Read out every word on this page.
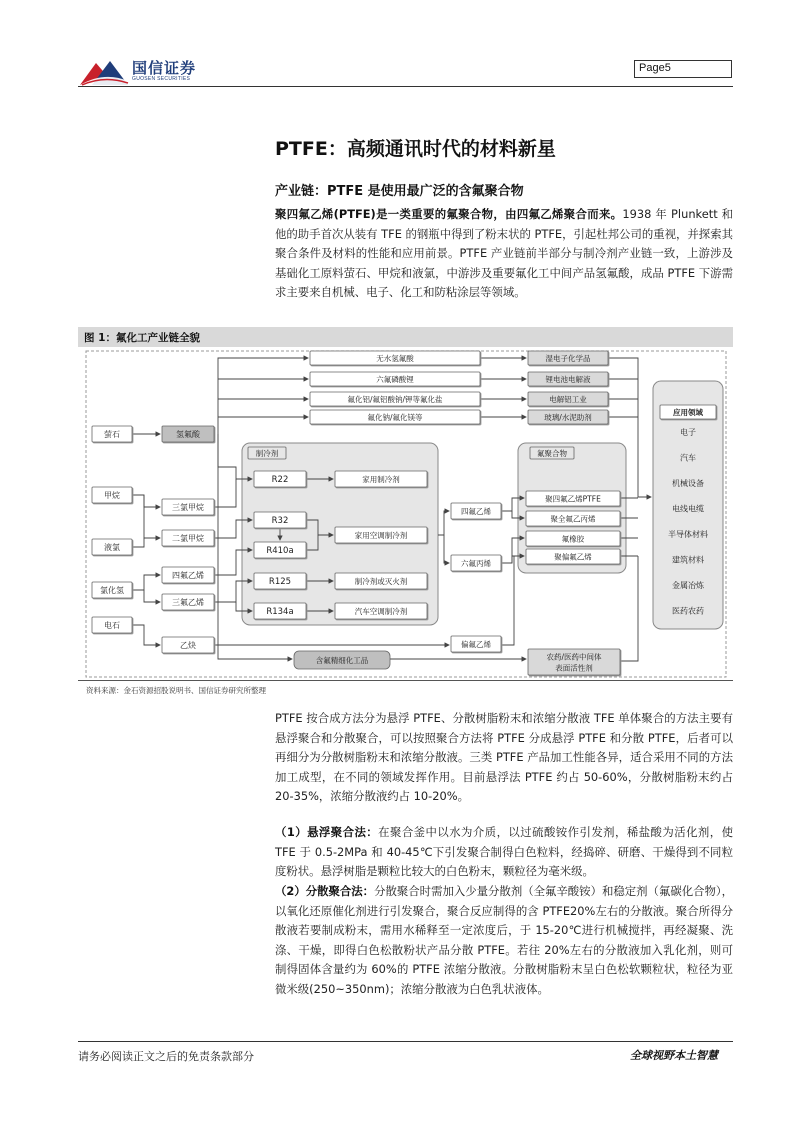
国信证券
GUOSEN SECURITIES
Page5
PTFE：高频通讯时代的材料新星
产业链：PTFE 是使用最广泛的含氟聚合物
聚四氟乙烯(PTFE)是一类重要的氟聚合物，由四氟乙烯聚合而来。1938 年 Plunkett 和他的助手首次从装有 TFE 的钢瓶中得到了粉末状的 PTFE，引起杜邦公司的重视，并探索其聚合条件及材料的性能和应用前景。PTFE 产业链前半部分与制冷剂产业链一致，上游涉及基础化工原料萤石、甲烷和液氯，中游涉及重要氟化工中间产品氢氟酸，成品 PTFE 下游需求主要来自机械、电子、化工和防粘涂层等领域。
图 1：氟化工产业链全貌
萤石
甲烷
液氯
氯化氢
电石
氢氟酸
无水氢氟酸
六氟磷酸锂
氟化铝/氟铝酸钠/钾等氟化盐
氟化钠/氟化镁等
湿电子化学品
锂电池电解液
电解铝工业
玻璃/水泥助剂
三氯甲烷
二氯甲烷
四氟乙烯
三氟乙烯
乙炔
制冷剂
R22
R32
R410a
R125
R134a
家用制冷剂
家用空调制冷剂
制冷剂或灭火剂
汽车空调制冷剂
四氟乙烯
六氟丙烯
偏氟乙烯
氟聚合物
聚四氟乙烯PTFE
聚全氟乙丙烯
氟橡胶
聚偏氟乙烯
含氟精细化工品	农药/医药中间体
表面活性剂
应用领域
电子
汽车
机械设备
电线电缆
半导体材料
建筑材料
金属冶炼
医药农药
资料来源：金石资源招股说明书、国信证券研究所整理
PTFE 按合成方法分为悬浮 PTFE、分散树脂粉末和浓缩分散液 TFE 单体聚合的方法主要有悬浮聚合和分散聚合，可以按照聚合方法将 PTFE 分成悬浮 PTFE 和分散 PTFE，后者可以再细分为分散树脂粉末和浓缩分散液。三类 PTFE 产品加工性能各异，适合采用不同的方法加工成型，在不同的领域发挥作用。目前悬浮法 PTFE 约占 50-60%，分散树脂粉末约占 20-35%，浓缩分散液约占 10-20%。
（1）悬浮聚合法：在聚合釜中以水为介质，以过硫酸铵作引发剂，稀盐酸为活化剂，使 TFE 于 0.5-2MPa 和 40-45℃下引发聚合制得白色粒料，经捣碎、研磨、干燥得到不同粒度粉状。悬浮树脂是颗粒比较大的白色粉末，颗粒径为毫米级。
（2）分散聚合法：分散聚合时需加入少量分散剂（全氟辛酸铵）和稳定剂（氟碳化合物），以氧化还原催化剂进行引发聚合，聚合反应制得的含 PTFE20%左右的分散液。聚合所得分散液若要制成粉末，需用水稀释至一定浓度后，于 15-20℃进行机械搅拌，再经凝聚、洗涤、干燥，即得白色松散粉状产品分散 PTFE。若往 20%左右的分散液加入乳化剂，则可制得固体含量约为 60%的 PTFE 浓缩分散液。分散树脂粉末呈白色松软颗粒状，粒径为亚微米级(250~350nm)；浓缩分散液为白色乳状液体。
请务必阅读正文之后的免责条款部分	全球视野本土智慧
